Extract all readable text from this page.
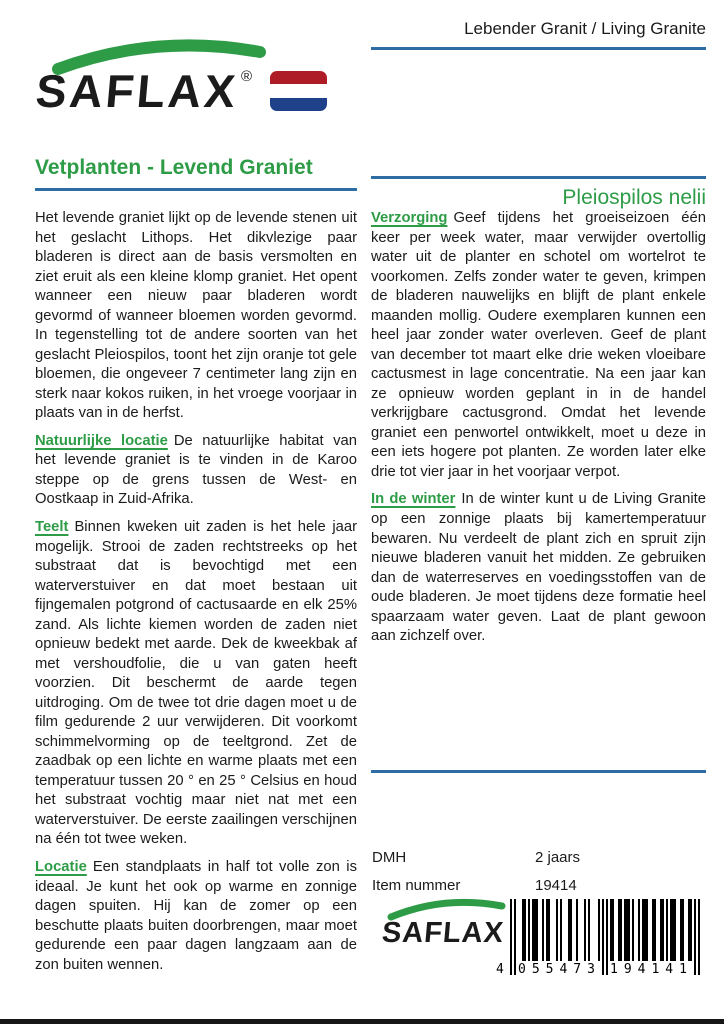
Lebender Granit / Living Granite
SAFLAX ®
Vetplanten - Levend Graniet
Pleiospilos nelii

Het levende graniet lijkt op de levende stenen uit het geslacht Lithops. Het dikvlezige paar bladeren is direct aan de basis versmolten en ziet eruit als een kleine klomp graniet. Het opent wanneer een nieuw paar bladeren wordt gevormd of wanneer bloemen worden gevormd. In tegenstelling tot de andere soorten van het geslacht Pleiospilos, toont het zijn oranje tot gele bloemen, die ongeveer 7 centimeter lang zijn en sterk naar kokos ruiken, in het vroege voorjaar in plaats van in de herfst.

Natuurlijke locatie De natuurlijke habitat van het levende graniet is te vinden in de Karoo steppe op de grens tussen de West- en Oostkaap in Zuid-Afrika.

Teelt Binnen kweken uit zaden is het hele jaar mogelijk. Strooi de zaden rechtstreeks op het substraat dat is bevochtigd met een waterverstuiver en dat moet bestaan uit fijngemalen potgrond of cactusaarde en elk 25% zand. Als lichte kiemen worden de zaden niet opnieuw bedekt met aarde. Dek de kweekbak af met vershoudfolie, die u van gaten heeft voorzien. Dit beschermt de aarde tegen uitdroging. Om de twee tot drie dagen moet u de film gedurende 2 uur verwijderen. Dit voorkomt schimmelvorming op de teeltgrond. Zet de zaadbak op een lichte en warme plaats met een temperatuur tussen 20 ° en 25 ° Celsius en houd het substraat vochtig maar niet nat met een waterverstuiver. De eerste zaailingen verschijnen na één tot twee weken.

Locatie Een standplaats in half tot volle zon is ideaal. Je kunt het ook op warme en zonnige dagen spuiten. Hij kan de zomer op een beschutte plaats buiten doorbrengen, maar moet gedurende een paar dagen langzaam aan de zon buiten wennen.

Verzorging Geef tijdens het groeiseizoen één keer per week water, maar verwijder overtollig water uit de planter en schotel om wortelrot te voorkomen. Zelfs zonder water te geven, krimpen de bladeren nauwelijks en blijft de plant enkele maanden mollig. Oudere exemplaren kunnen een heel jaar zonder water overleven. Geef de plant van december tot maart elke drie weken vloeibare cactusmest in lage concentratie. Na een jaar kan ze opnieuw worden geplant in in de handel verkrijgbare cactusgrond. Omdat het levende graniet een penwortel ontwikkelt, moet u deze in een iets hogere pot planten. Ze worden later elke drie tot vier jaar in het voorjaar verpot.

In de winter In de winter kunt u de Living Granite op een zonnige plaats bij kamertemperatuur bewaren. Nu verdeelt de plant zich en spruit zijn nieuwe bladeren vanuit het midden. Ze gebruiken dan de waterreserves en voedingsstoffen van de oude bladeren. Je moet tijdens deze formatie heel spaarzaam water geven. Laat de plant gewoon aan zichzelf over.

DMH	2 jaars
Item nummer	19414
SAFLAX
4 055473 194141
